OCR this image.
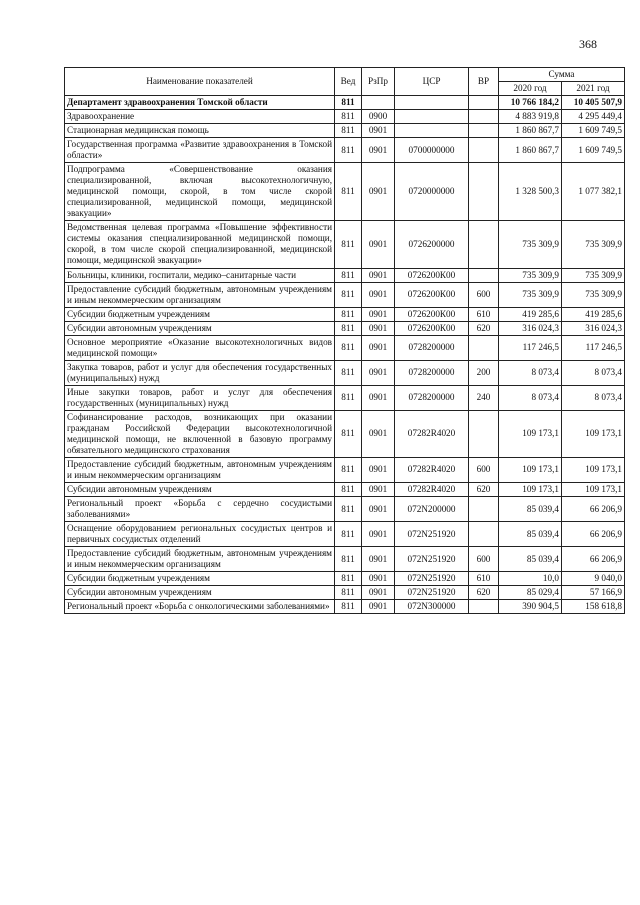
368
Наименование показателей	Вед	РзПр	ЦСР	ВР	Сумма	
					2020 год	2021 год
Департамент здравоохранения Томской области	811				10 766 184,2	10 405 507,9
Здравоохранение	811	0900			4 883 919,8	4 295 449,4
Стационарная медицинская помощь	811	0901			1 860 867,7	1 609 749,5
Государственная программа «Развитие здравоохранения в Томской области»	811	0901	0700000000		1 860 867,7	1 609 749,5
Подпрограмма «Совершенствование оказания специализированной, включая высокотехнологичную, медицинской помощи, скорой, в том числе скорой специализированной, медицинской помощи, медицинской эвакуации»	811	0901	0720000000		1 328 500,3	1 077 382,1
Ведомственная целевая программа «Повышение эффективности системы оказания специализированной медицинской помощи, скорой, в том числе скорой специализированной, медицинской помощи, медицинской эвакуации»	811	0901	0726200000		735 309,9	735 309,9
Больницы, клиники, госпитали, медико–санитарные части	811	0901	0726200К00		735 309,9	735 309,9
Предоставление субсидий бюджетным, автономным учреждениям и иным некоммерческим организациям	811	0901	0726200К00	600	735 309,9	735 309,9
Субсидии бюджетным учреждениям	811	0901	0726200К00	610	419 285,6	419 285,6
Субсидии автономным учреждениям	811	0901	0726200К00	620	316 024,3	316 024,3
Основное мероприятие «Оказание высокотехнологичных видов медицинской помощи»	811	0901	0728200000		117 246,5	117 246,5
Закупка товаров, работ и услуг для обеспечения государственных (муниципальных) нужд	811	0901	0728200000	200	8 073,4	8 073,4
Иные закупки товаров, работ и услуг для обеспечения государственных (муниципальных) нужд	811	0901	0728200000	240	8 073,4	8 073,4
Софинансирование расходов, возникающих при оказании гражданам Российской Федерации высокотехнологичной медицинской помощи, не включенной в базовую программу обязательного медицинского страхования	811	0901	07282R4020		109 173,1	109 173,1
Предоставление субсидий бюджетным, автономным учреждениям и иным некоммерческим организациям	811	0901	07282R4020	600	109 173,1	109 173,1
Субсидии автономным учреждениям	811	0901	07282R4020	620	109 173,1	109 173,1
Региональный проект «Борьба с сердечно сосудистыми заболеваниями»	811	0901	072N200000		85 039,4	66 206,9
Оснащение оборудованием региональных сосудистых центров и первичных сосудистых отделений	811	0901	072N251920		85 039,4	66 206,9
Предоставление субсидий бюджетным, автономным учреждениям и иным некоммерческим организациям	811	0901	072N251920	600	85 039,4	66 206,9
Субсидии бюджетным учреждениям	811	0901	072N251920	610	10,0	9 040,0
Субсидии автономным учреждениям	811	0901	072N251920	620	85 029,4	57 166,9
Региональный проект «Борьба с онкологическими заболеваниями»	811	0901	072N300000		390 904,5	158 618,8
